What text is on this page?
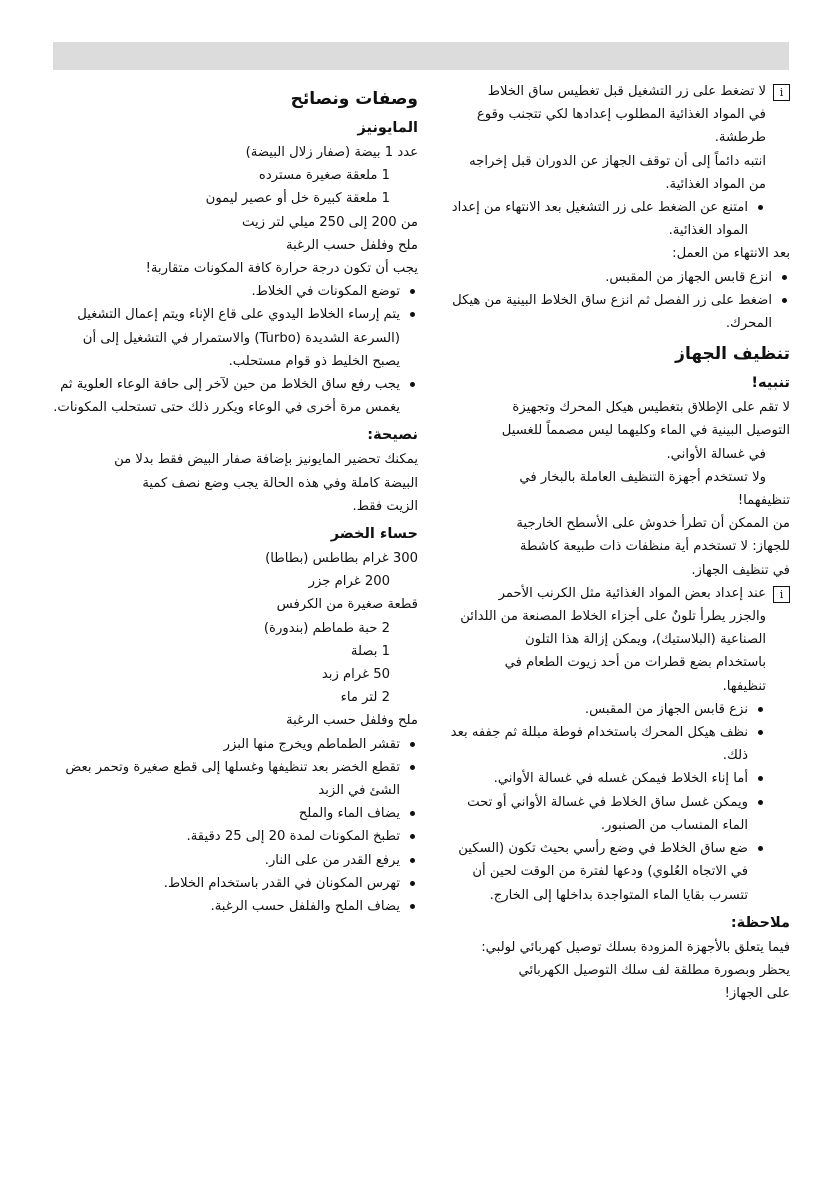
i

لا تضغط على زر التشغيل قبل تغطيس ساق الخلاط

في المواد الغذائية المطلوب إعدادها لكي تتجنب وقوع

طرطشة.

انتبه دائماً إلى أن توقف الجهاز عن الدوران قبل إخراجه

من المواد الغذائية.

امتنع عن الضغط على زر التشغيل بعد الانتهاء من إعداد المواد الغذائية.

بعد الانتهاء من العمل:

انزع قابس الجهاز من المقبس.
اضغط على زر الفصل ثم انزع ساق الخلاط البينية من هيكل المحرك.

تنظيف الجهاز

تنبيه!

لا تقم على الإطلاق بتغطيس هيكل المحرك وتجهيزة

التوصيل البينية في الماء وكليهما ليس مصمماً للغسيل

في غسالة الأواني.

ولا تستخدم أجهزة التنظيف العاملة بالبخار في

تنظيفهما!

من الممكن أن تطرأ خدوش على الأسطح الخارجية

للجهاز: لا تستخدم أية منظفات ذات طبيعة كاشطة

في تنظيف الجهاز.

i

عند إعداد بعض المواد الغذائية مثل الكرنب الأحمر

والجزر يطرأ تلونٌ على أجزاء الخلاط المصنعة من اللدائن

الصناعية (البلاستيك)، ويمكن إزالة هذا التلون

باستخدام بضع قطرات من أحد زيوت الطعام في

تنظيفها.

نزع قابس الجهاز من المقبس.
نظف هيكل المحرك باستخدام فوطة مبللة ثم جففه بعد ذلك.
أما إناء الخلاط فيمكن غسله في غسالة الأواني.
ويمكن غسل ساق الخلاط في غسالة الأواني أو تحت الماء المنساب من الصنبور.
ضع ساق الخلاط في وضع رأسي بحيث تكون (السكين في الاتجاه العُلوي) ودعها لفترة من الوقت لحين أن تتسرب بقايا الماء المتواجدة بداخلها إلى الخارج.

ملاحظة:

فيما يتعلق بالأجهزة المزودة بسلك توصيل كهربائي لولبي:

يحظر وبصورة مطلقة لف سلك التوصيل الكهربائي

على الجهاز!

وصفات ونصائح

المايونيز

عدد 1 بيضة (صفار زلال البيضة)

1 ملعقة صغيرة مسترده

1 ملعقة كبيرة خل أو عصير ليمون

من 200 إلى 250 ميلي لتر زيت

ملح وفلفل حسب الرغبة

يجب أن تكون درجة حرارة كافة المكونات متقاربة!

توضع المكونات في الخلاط.
يتم إرساء الخلاط اليدوي على قاع الإناء ويتم إعمال التشغيل (السرعة الشديدة (Turbo) والاستمرار في التشغيل إلى أن يصبح الخليط ذو قوام مستحلب.
يجب رفع ساق الخلاط من حين لآخر إلى حافة الوعاء العلوية ثم يغمس مرة أخرى في الوعاء ويكرر ذلك حتى تستحلب المكونات.

نصيحة:

يمكنك تحضير المايونيز بإضافة صفار البيض فقط بدلا من

البيضة كاملة وفي هذه الحالة يجب وضع نصف كمية

الزيت فقط.

حساء الخضر

300 غرام بطاطس (بطاطا)

200 غرام جزر

قطعة صغيرة من الكرفس

2 حبة طماطم (بندورة)

1 بصلة

50 غرام زبد

2 لتر ماء

ملح وفلفل حسب الرغبة

تقشر الطماطم ويخرج منها البزر
تقطع الخضر بعد تنظيفها وغسلها إلى قطع صغيرة وتحمر بعض الشئ في الزبد
يضاف الماء والملح
تطبخ المكونات لمدة 20 إلى 25 دقيقة.
يرفع القدر من على النار.
تهرس المكونان في القدر باستخدام الخلاط.
يضاف الملح والفلفل حسب الرغبة.
